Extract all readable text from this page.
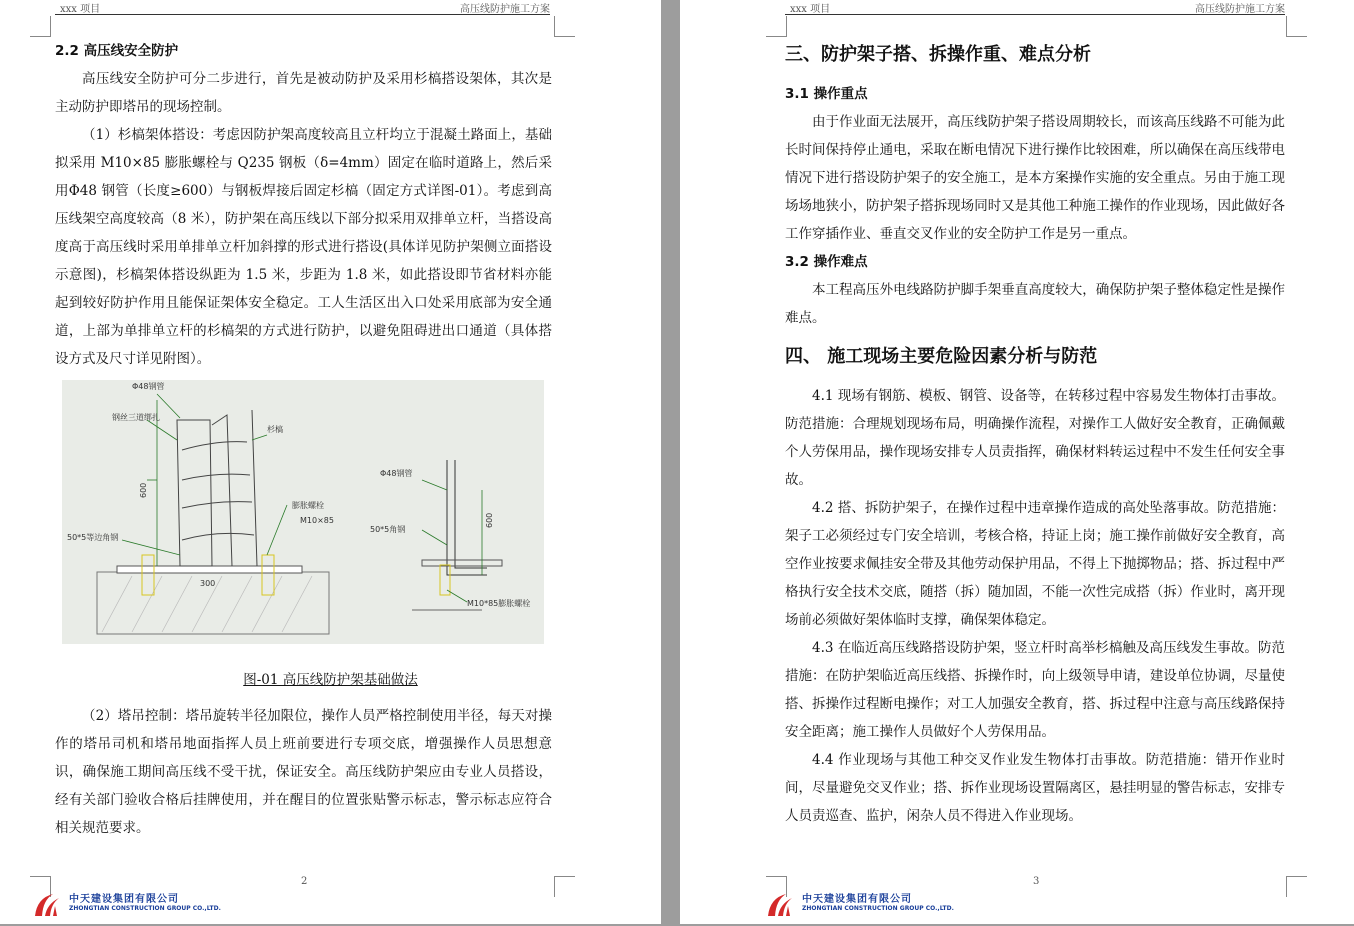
xxx 项目	高压线防护施工方案

2.2 高压线安全防护

高压线安全防护可分二步进行，首先是被动防护及采用杉槁搭设架体，其次是主动防护即塔吊的现场控制。

（1）杉槁架体搭设：考虑因防护架高度较高且立杆均立于混凝土路面上，基础拟采用 M10×85 膨胀螺栓与 Q235 钢板（δ=4mm）固定在临时道路上，然后采用Φ48 钢管（长度≥600）与钢板焊接后固定杉槁（固定方式详图-01）。考虑到高压线架空高度较高（8 米），防护架在高压线以下部分拟采用双排单立杆，当搭设高度高于高压线时采用单排单立杆加斜撑的形式进行搭设(具体详见防护架侧立面搭设示意图)，杉槁架体搭设纵距为 1.5 米，步距为 1.8 米，如此搭设即节省材料亦能起到较好防护作用且能保证架体安全稳定。工人生活区出入口处采用底部为安全通道，上部为单排单立杆的杉槁架的方式进行防护，以避免阻碍进出口通道（具体搭设方式及尺寸详见附图）。

Φ48钢管
钢丝三道绑扎
杉槁
600
膨胀螺栓
M10×85
50*5等边角钢
300
Φ48钢管
50*5角钢
600
M10*85膨胀螺栓
图-01 高压线防护架基础做法

（2）塔吊控制：塔吊旋转半径加限位，操作人员严格控制使用半径，每天对操作的塔吊司机和塔吊地面指挥人员上班前要进行专项交底，增强操作人员思想意识，确保施工期间高压线不受干扰，保证安全。高压线防护架应由专业人员搭设，经有关部门验收合格后挂牌使用，并在醒目的位置张贴警示标志，警示标志应符合相关规范要求。

2
中天建设集团有限公司
ZHONGTIAN CONSTRUCTION GROUP CO.,LTD.
xxx 项目	高压线防护施工方案

三、防护架子搭、拆操作重、难点分析

3.1 操作重点

由于作业面无法展开，高压线防护架子搭设周期较长，而该高压线路不可能为此长时间保持停止通电，采取在断电情况下进行操作比较困难，所以确保在高压线带电情况下进行搭设防护架子的安全施工，是本方案操作实施的安全重点。另由于施工现场场地狭小，防护架子搭拆现场同时又是其他工种施工操作的作业现场，因此做好各工作穿插作业、垂直交叉作业的安全防护工作是另一重点。

3.2 操作难点

本工程高压外电线路防护脚手架垂直高度较大，确保防护架子整体稳定性是操作难点。

四、 施工现场主要危险因素分析与防范

4.1 现场有钢筋、模板、钢管、设备等，在转移过程中容易发生物体打击事故。防范措施：合理规划现场布局，明确操作流程，对操作工人做好安全教育，正确佩戴个人劳保用品，操作现场安排专人员责指挥，确保材料转运过程中不发生任何安全事故。

4.2 搭、拆防护架子，在操作过程中违章操作造成的高处坠落事故。防范措施：架子工必须经过专门安全培训，考核合格，持证上岗；施工操作前做好安全教育，高空作业按要求佩挂安全带及其他劳动保护用品，不得上下抛掷物品；搭、拆过程中严格执行安全技术交底，随搭（拆）随加固，不能一次性完成搭（拆）作业时，离开现场前必须做好架体临时支撑，确保架体稳定。

4.3 在临近高压线路搭设防护架，竖立杆时高举杉槁触及高压线发生事故。防范措施：在防护架临近高压线搭、拆操作时，向上级领导申请，建设单位协调，尽量使搭、拆操作过程断电操作；对工人加强安全教育，搭、拆过程中注意与高压线路保持安全距离；施工操作人员做好个人劳保用品。

4.4 作业现场与其他工种交叉作业发生物体打击事故。防范措施：错开作业时间，尽量避免交叉作业；搭、拆作业现场设置隔离区，悬挂明显的警告标志，安排专人员责巡查、监护，闲杂人员不得进入作业现场。

3
中天建设集团有限公司
ZHONGTIAN CONSTRUCTION GROUP CO.,LTD.
